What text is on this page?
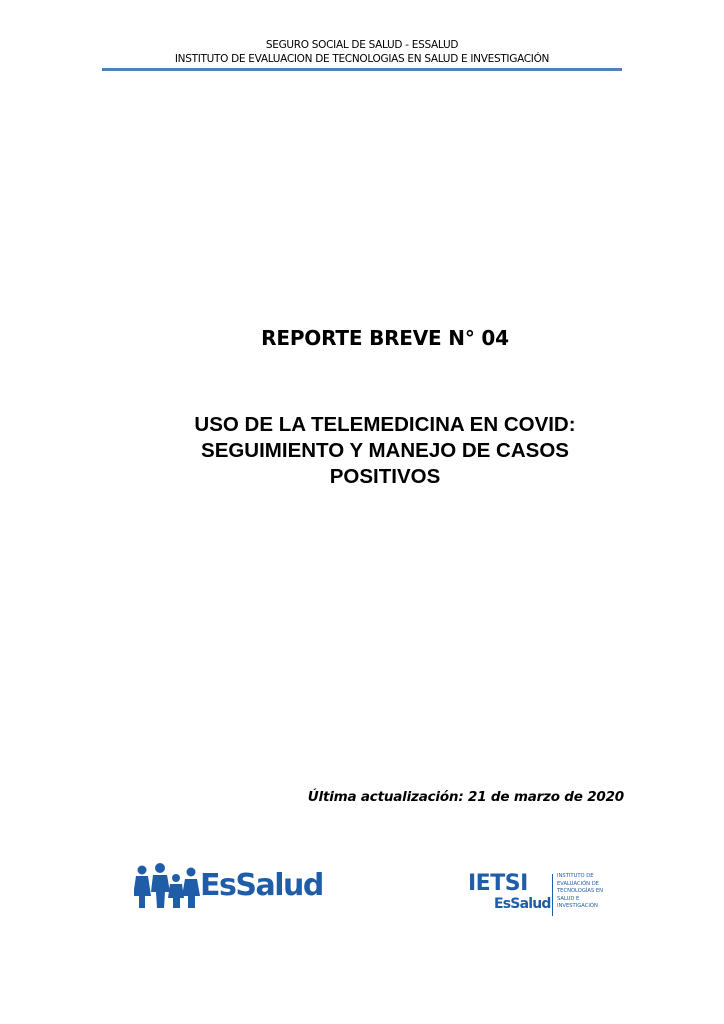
SEGURO SOCIAL DE SALUD - ESSALUD
INSTITUTO DE EVALUACION DE TECNOLOGIAS EN SALUD E INVESTIGACIÓN
REPORTE BREVE N° 04
USO DE LA TELEMEDICINA EN COVID:
SEGUIMIENTO Y MANEJO DE CASOS
POSITIVOS
Última actualización: 21 de marzo de 2020
EsSalud	IETSI
EsSalud
INSTITUTO DE
EVALUACIÓN DE
TECNOLOGÍAS EN
SALUD E
INVESTIGACIÓN
